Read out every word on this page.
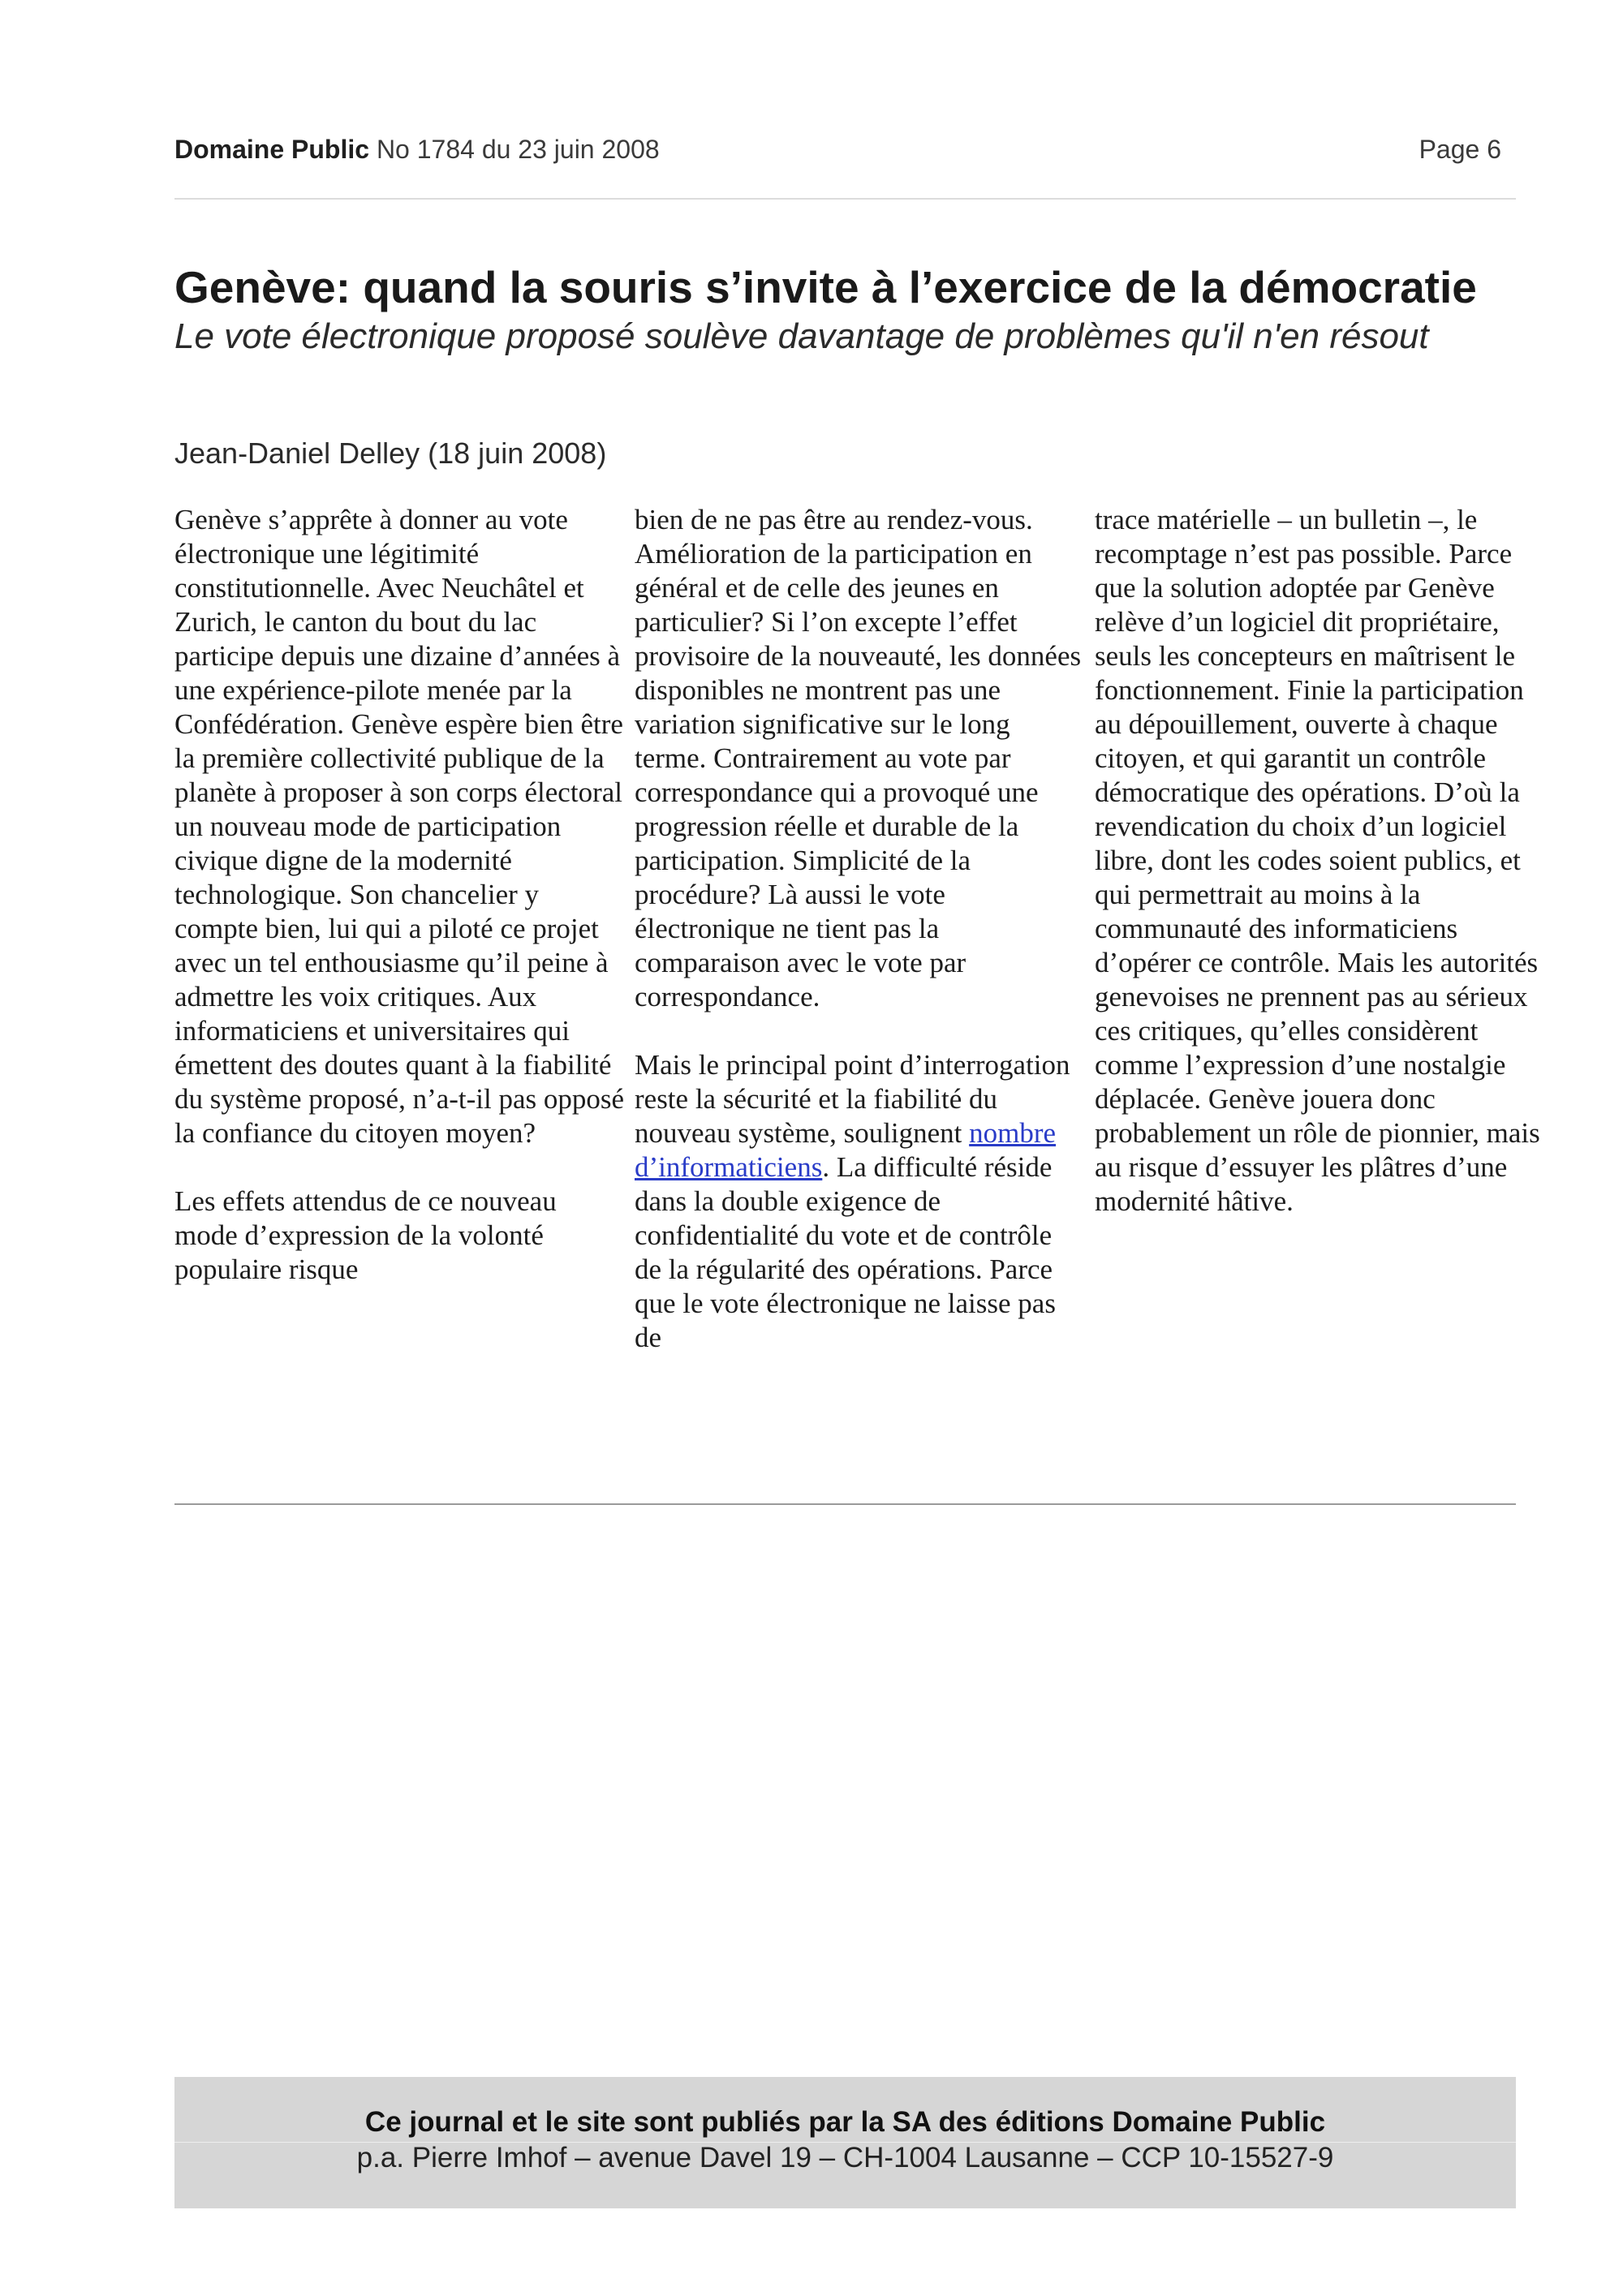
Domaine Public No 1784 du 23 juin 2008	Page 6
Genève: quand la souris s’invite à l’exercice de la démocratie

Le vote électronique proposé soulève davantage de problèmes qu'il n'en résout

Jean-Daniel Delley (18 juin 2008)

Genève s’apprête à donner au vote électronique une légitimité constitutionnelle. Avec Neuchâtel et Zurich, le canton du bout du lac participe depuis une dizaine d’années à une expérience-pilote menée par la Confédération. Genève espère bien être la première collectivité publique de la planète à proposer à son corps électoral un nouveau mode de participation civique digne de la modernité technologique. Son chancelier y compte bien, lui qui a piloté ce projet avec un tel enthousiasme qu’il peine à admettre les voix critiques. Aux informaticiens et universitaires qui émettent des doutes quant à la fiabilité du système proposé, n’a-t-il pas opposé la confiance du citoyen moyen?

Les effets attendus de ce nouveau mode d’expression de la volonté populaire risque

bien de ne pas être au rendez-vous. Amélioration de la participation en général et de celle des jeunes en particulier? Si l’on excepte l’effet provisoire de la nouveauté, les données disponibles ne montrent pas une variation significative sur le long terme. Contrairement au vote par correspondance qui a provoqué une progression réelle et durable de la participation. Simplicité de la procédure? Là aussi le vote électronique ne tient pas la comparaison avec le vote par correspondance.

Mais le principal point d’interrogation reste la sécurité et la fiabilité du nouveau système, soulignent nombre d’informaticiens. La difficulté réside dans la double exigence de confidentialité du vote et de contrôle de la régularité des opérations. Parce que le vote électronique ne laisse pas de

trace matérielle – un bulletin –, le recomptage n’est pas possible. Parce que la solution adoptée par Genève relève d’un logiciel dit propriétaire, seuls les concepteurs en maîtrisent le fonctionnement. Finie la participation au dépouillement, ouverte à chaque citoyen, et qui garantit un contrôle démocratique des opérations. D’où la revendication du choix d’un logiciel libre, dont les codes soient publics, et qui permettrait au moins à la communauté des informaticiens d’opérer ce contrôle. Mais les autorités genevoises ne prennent pas au sérieux ces critiques, qu’elles considèrent comme l’expression d’une nostalgie déplacée. Genève jouera donc probablement un rôle de pionnier, mais au risque d’essuyer les plâtres d’une modernité hâtive.

Ce journal et le site sont publiés par la SA des éditions Domaine Public
p.a. Pierre Imhof – avenue Davel 19 – CH-1004 Lausanne – CCP 10-15527-9
